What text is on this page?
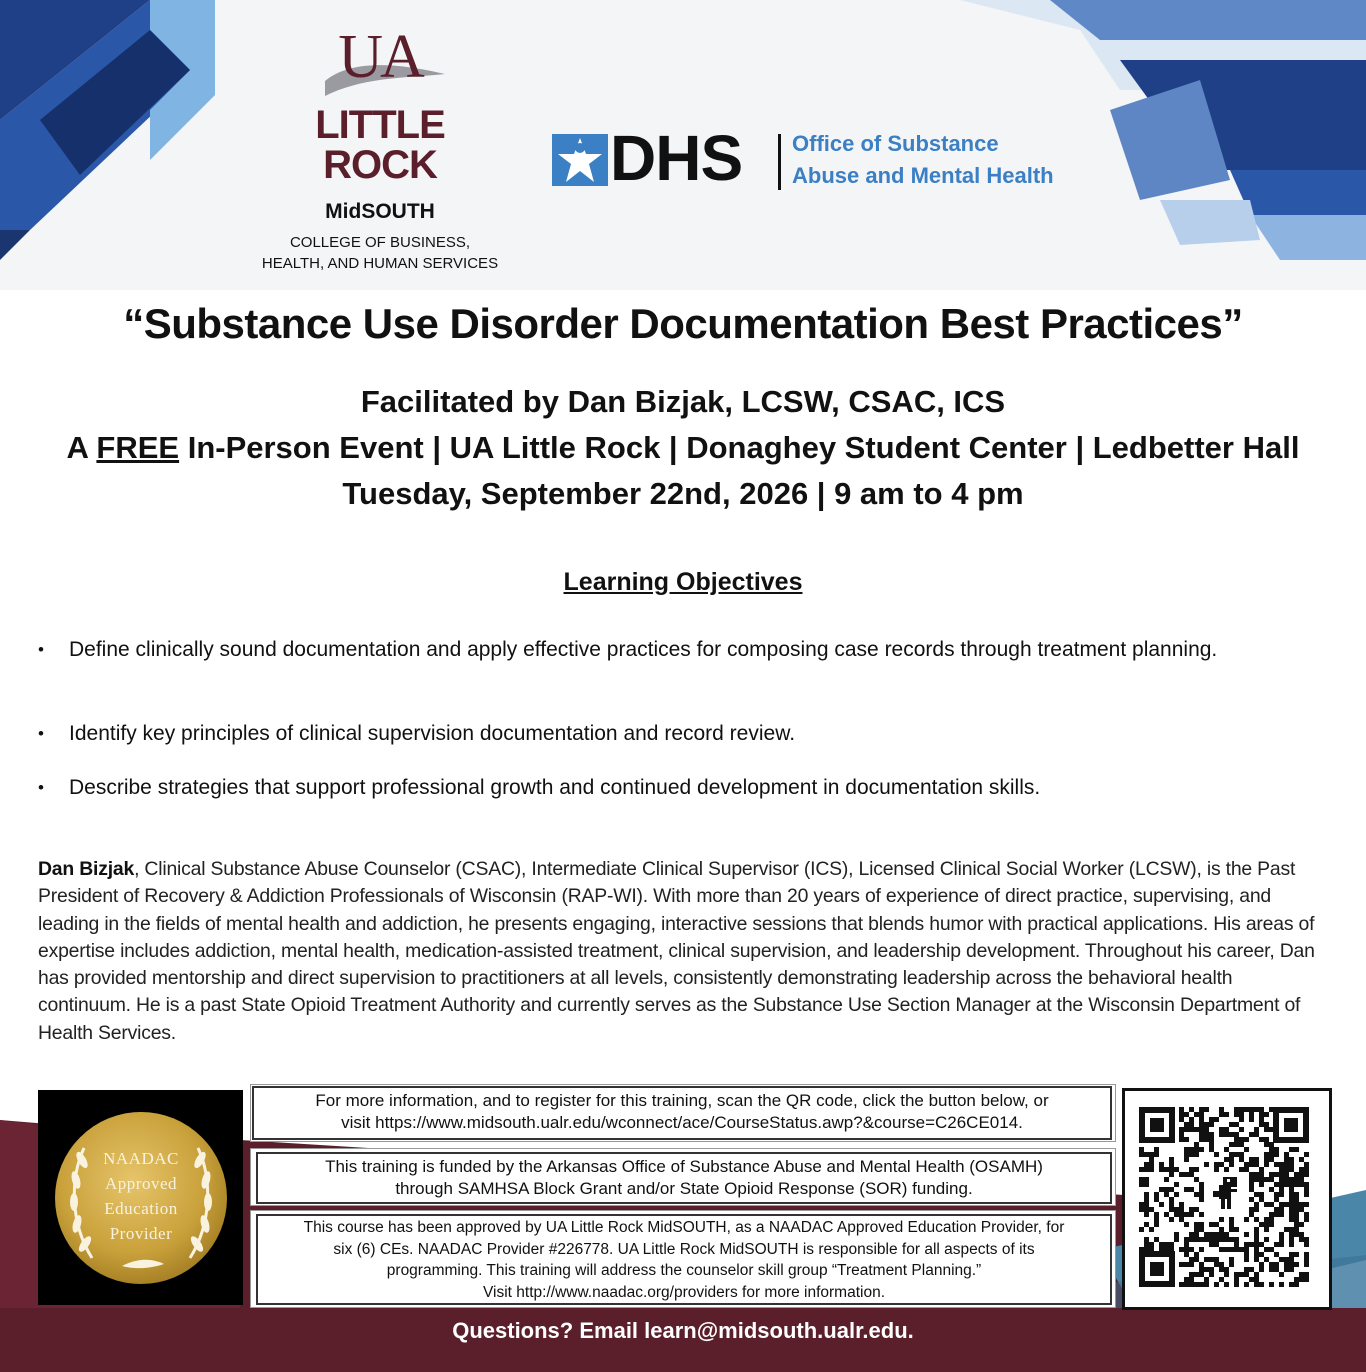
UA
LITTLE
ROCK
MidSOUTH
COLLEGE OF BUSINESS,
HEALTH, AND HUMAN SERVICES
DHS Office of Substance
Abuse and Mental Health
“Substance Use Disorder Documentation Best Practices”
Facilitated by Dan Bizjak, LCSW, CSAC, ICS
A FREE In-Person Event | UA Little Rock | Donaghey Student Center | Ledbetter Hall
Tuesday, September 22nd, 2026 | 9 am to 4 pm
Learning Objectives
• Define clinically sound documentation and apply effective practices for composing case records through treatment planning.
• Identify key principles of clinical supervision documentation and record review.
• Describe strategies that support professional growth and continued development in documentation skills.
Dan Bizjak, Clinical Substance Abuse Counselor (CSAC), Intermediate Clinical Supervisor (ICS), Licensed Clinical Social Worker (LCSW), is the Past President of Recovery & Addiction Professionals of Wisconsin (RAP-WI). With more than 20 years of experience of direct practice, supervising, and leading in the fields of mental health and addiction, he presents engaging, interactive sessions that blends humor with practical applications. His areas of expertise includes addiction, mental health, medication-assisted treatment, clinical supervision, and leadership development. Throughout his career, Dan has provided mentorship and direct supervision to practitioners at all levels, consistently demonstrating leadership across the behavioral health continuum. He is a past State Opioid Treatment Authority and currently serves as the Substance Use Section Manager at the Wisconsin Department of Health Services.
NAADAC
Approved
Education
Provider
For more information, and to register for this training, scan the QR code, click the button below, or
visit https://www.midsouth.ualr.edu/wconnect/ace/CourseStatus.awp?&course=C26CE014.
This training is funded by the Arkansas Office of Substance Abuse and Mental Health (OSAMH)
through SAMHSA Block Grant and/or State Opioid Response (SOR) funding.
This course has been approved by UA Little Rock MidSOUTH, as a NAADAC Approved Education Provider, for
six (6) CEs. NAADAC Provider #226778. UA Little Rock MidSOUTH is responsible for all aspects of its
programming. This training will address the counselor skill group “Treatment Planning.”
Visit http://www.naadac.org/providers for more information.
Questions? Email learn@midsouth.ualr.edu.
